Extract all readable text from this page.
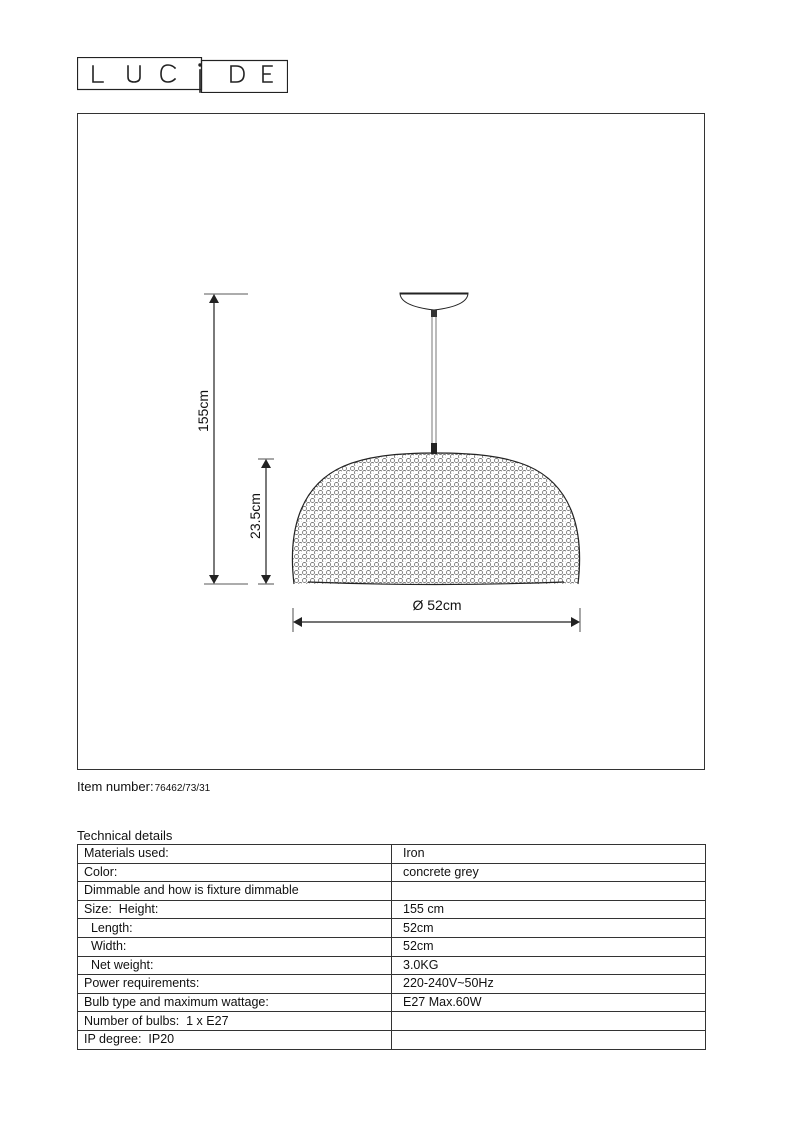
155cm
23.5cm
Ø 52cm
Item number:76462/73/31
Technical details
Materials used:	Iron
Color:	concrete grey
Dimmable and how is fixture dimmable	
Size:  Height:	155 cm
Length:	52cm
Width:	52cm
Net weight:	3.0KG
Power requirements:	220-240V~50Hz
Bulb type and maximum wattage:	E27 Max.60W
Number of bulbs:  1 x E27	
IP degree:  IP20	
